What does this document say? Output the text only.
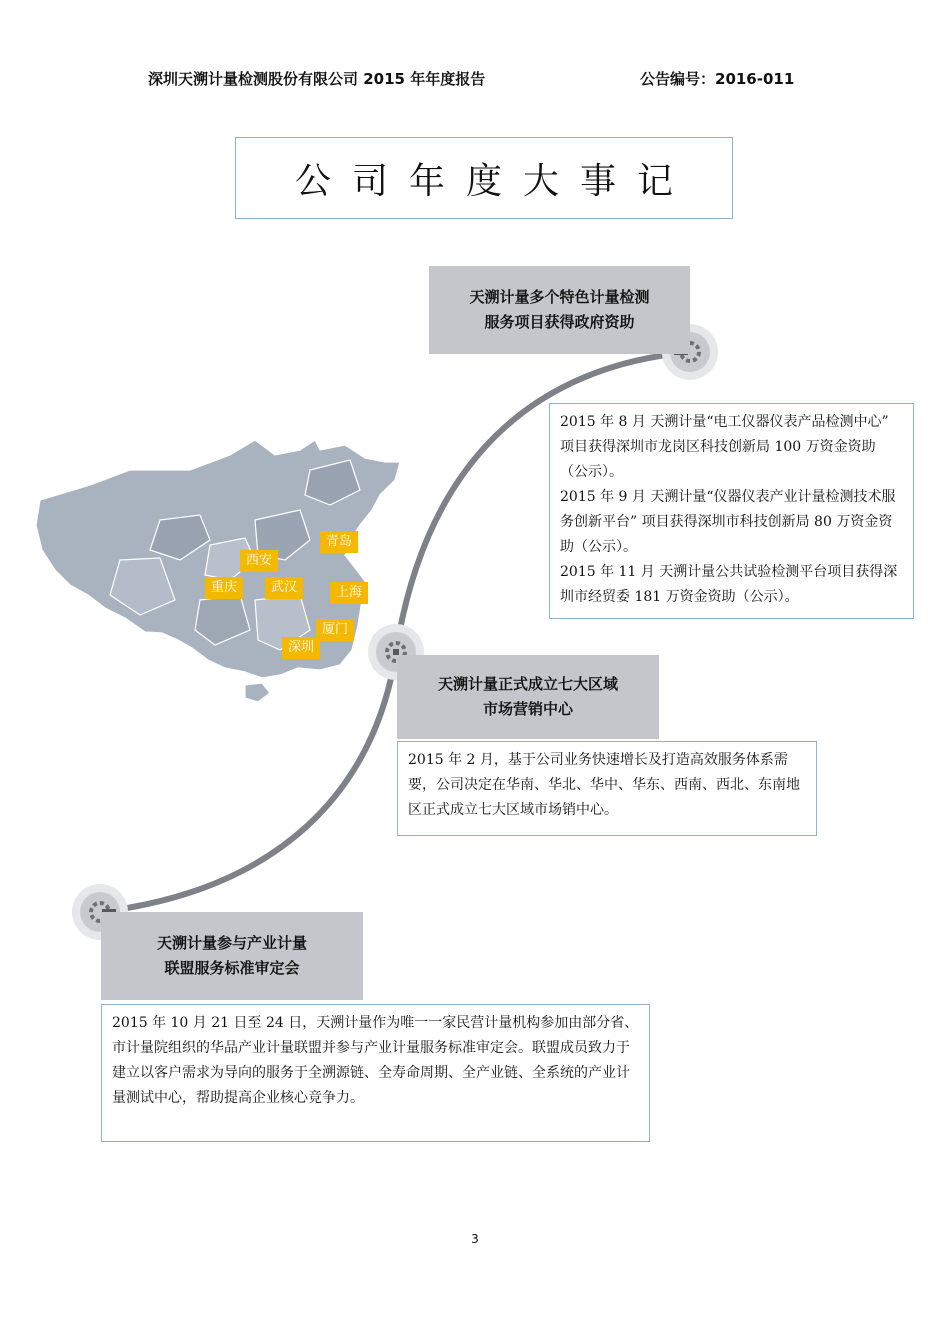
深圳天溯计量检测股份有限公司 2015 年年度报告	公告编号：2016-011
公司年度大事记
青岛
西安
重庆	武汉	上海
厦门
深圳
天溯计量多个特色计量检测
服务项目获得政府资助

2015 年 8 月 天溯计量“电工仪器仪表产品检测中心” 项目获得深圳市龙岗区科技创新局 100 万资金资助（公示）。

2015 年 9 月 天溯计量“仪器仪表产业计量检测技术服务创新平台” 项目获得深圳市科技创新局 80 万资金资助（公示）。

2015 年 11 月 天溯计量公共试验检测平台项目获得深圳市经贸委 181 万资金资助（公示）。

天溯计量正式成立七大区域
市场营销中心

2015 年 2 月，基于公司业务快速增长及打造高效服务体系需要，公司决定在华南、华北、华中、华东、西南、西北、东南地区正式成立七大区域市场销中心。

天溯计量参与产业计量
联盟服务标准审定会

2015 年 10 月 21 日至 24 日，天溯计量作为唯一一家民营计量机构参加由部分省、市计量院组织的华品产业计量联盟并参与产业计量服务标准审定会。联盟成员致力于建立以客户需求为导向的服务于全溯源链、全寿命周期、全产业链、全系统的产业计量测试中心，帮助提高企业核心竞争力。

3
